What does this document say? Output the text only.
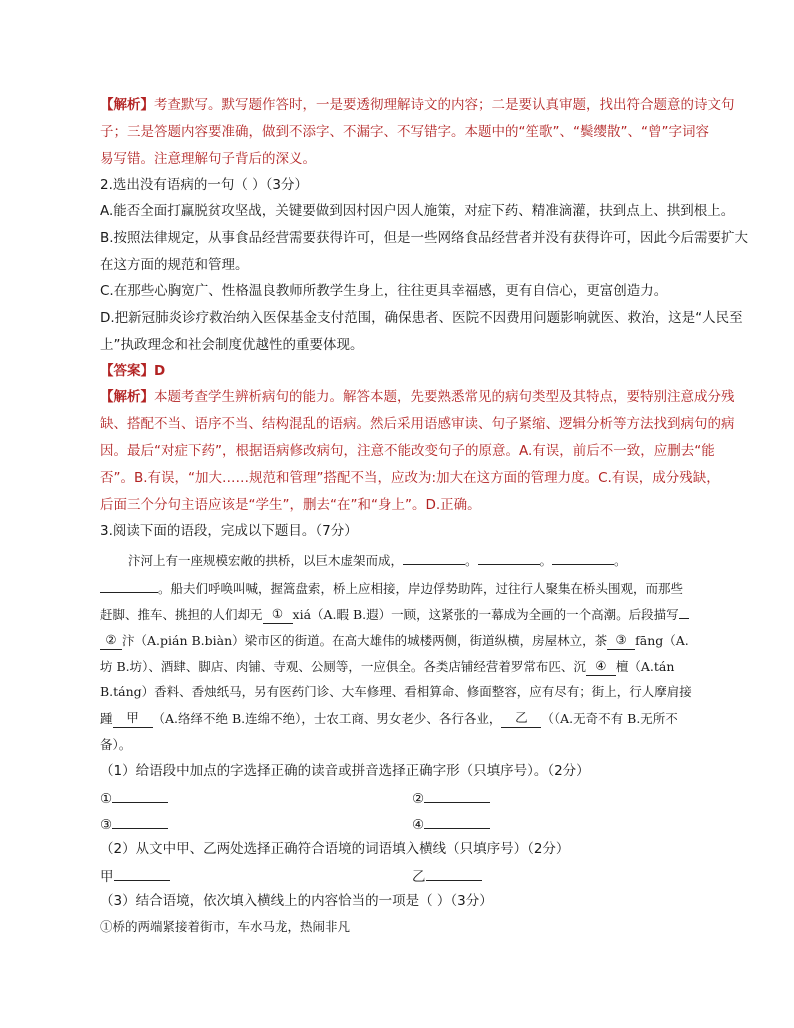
【解析】考查默写。默写题作答时，一是要透彻理解诗文的内容；二是要认真审题，找出符合题意的诗文句
子；三是答题内容要准确，做到不添字、不漏字、不写错字。本题中的“笙歌”、“鬓缨散”、“曾”字词容
易写错。注意理解句子背后的深义。
2.选出没有语病的一句（ ）（3分）
A.能否全面打赢脱贫攻坚战，关键要做到因村因户因人施策，对症下药、精准滴灌，扶到点上、拱到根上。
B.按照法律规定，从事食品经营需要获得许可，但是一些网络食品经营者并没有获得许可，因此今后需要扩大
在这方面的规范和管理。
C.在那些心胸宽广、性格温良教师所教学生身上，往往更具幸福感，更有自信心，更富创造力。
D.把新冠肺炎诊疗救治纳入医保基金支付范围，确保患者、医院不因费用问题影响就医、救治，这是“人民至
上”执政理念和社会制度优越性的重要体现。
【答案】D
【解析】本题考查学生辨析病句的能力。解答本题，先要熟悉常见的病句类型及其特点，要特别注意成分残
缺、搭配不当、语序不当、结构混乱的语病。然后采用语感审读、句子紧缩、逻辑分析等方法找到病句的病
因。最后“对症下药”，根据语病修改病句，注意不能改变句子的原意。A.有误，前后不一致，应删去“能
否”。B.有误，“加大……规范和管理”搭配不当，应改为:加大在这方面的管理力度。C.有误，成分残缺，
后面三个分句主语应该是“学生”，删去“在”和“身上”。D.正确。
3.阅读下面的语段，完成以下题目。（7分）
汴河上有一座规模宏敞的拱桥，以巨木虚架而成，	。	。	。
。船夫们呼唤叫喊，握篙盘索，桥上应相接，岸边俘势助阵，过往行人聚集在桥头围观，而那些
赶脚、推车、挑担的人们却无 ① xiá（A.暇 B.遐）一顾，这紧张的一幕成为全画的一个高潮。后段描写
② 汴（A.pián B.biàn）梁市区的街道。在高大雄伟的城楼两侧，街道纵横，房屋林立，茶 ③ fāng（A.
坊 B.坊）、酒肆、脚店、肉铺、寺观、公厕等，一应俱全。各类店铺经营着罗常布匹、沉 ④ 檀（A.tán
B.táng）香料、香烛纸马，另有医药门诊、大车修理、看相算命、修面整容，应有尽有；街上，行人摩肩接
踵 甲 （A.络绎不绝 B.连绵不绝），士农工商、男女老少、各行各业， 乙 （（A.无奇不有 B.无所不
备）。
（1）给语段中加点的字选择正确的读音或拼音选择正确字形（只填序号）。（2分）
①	②
③	④
（2）从文中甲、乙两处选择正确符合语境的词语填入横线（只填序号）（2分）
甲	乙
（3）结合语境，依次填入横线上的内容恰当的一项是（ ）（3分）
①桥的两端紧接着街市，车水马龙，热闹非凡
